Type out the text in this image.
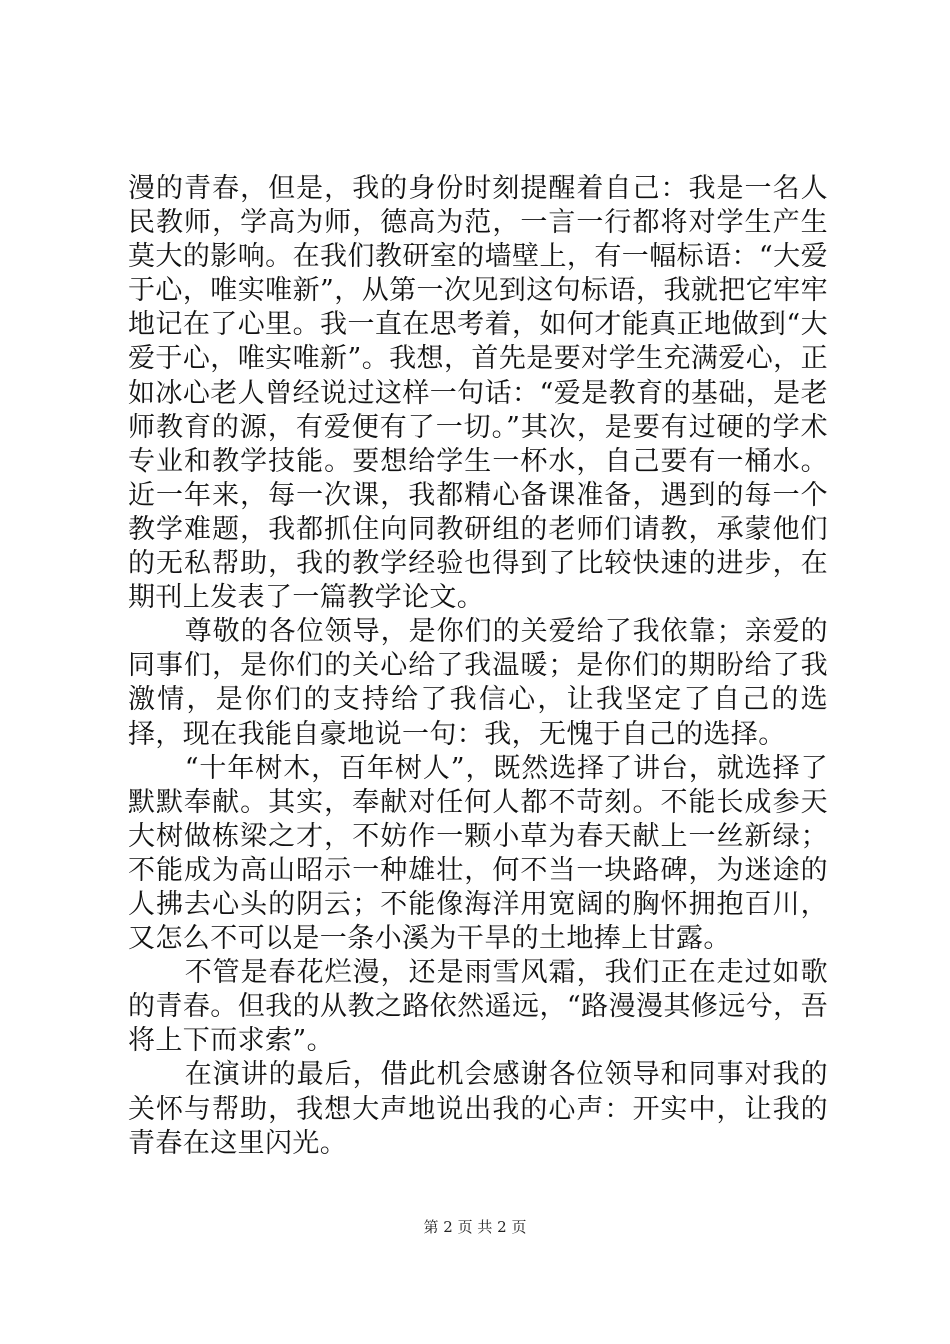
漫的青春，但是，我的身份时刻提醒着自己：我是一名人民教师，学高为师，德高为范，一言一行都将对学生产生莫大的影响。在我们教研室的墙壁上，有一幅标语：“大爱于心，唯实唯新”，从第一次见到这句标语，我就把它牢牢地记在了心里。我一直在思考着，如何才能真正地做到“大爱于心，唯实唯新”。我想，首先是要对学生充满爱心，正如冰心老人曾经说过这样一句话：“爱是教育的基础，是老师教育的源，有爱便有了一切。”其次，是要有过硬的学术专业和教学技能。要想给学生一杯水，自己要有一桶水。近一年来，每一次课，我都精心备课准备，遇到的每一个教学难题，我都抓住向同教研组的老师们请教，承蒙他们的无私帮助，我的教学经验也得到了比较快速的进步，在期刊上发表了一篇教学论文。

尊敬的各位领导，是你们的关爱给了我依靠；亲爱的同事们，是你们的关心给了我温暖；是你们的期盼给了我激情，是你们的支持给了我信心，让我坚定了自己的选择，现在我能自豪地说一句：我，无愧于自己的选择。

“十年树木，百年树人”，既然选择了讲台，就选择了默默奉献。其实，奉献对任何人都不苛刻。不能长成参天大树做栋梁之才，不妨作一颗小草为春天献上一丝新绿；不能成为高山昭示一种雄壮，何不当一块路碑，为迷途的人拂去心头的阴云；不能像海洋用宽阔的胸怀拥抱百川，又怎么不可以是一条小溪为干旱的土地捧上甘露。

不管是春花烂漫，还是雨雪风霜，我们正在走过如歌的青春。但我的从教之路依然遥远，“路漫漫其修远兮，吾将上下而求索”。

在演讲的最后，借此机会感谢各位领导和同事对我的关怀与帮助，我想大声地说出我的心声：开实中，让我的青春在这里闪光。

第 2 页 共 2 页
